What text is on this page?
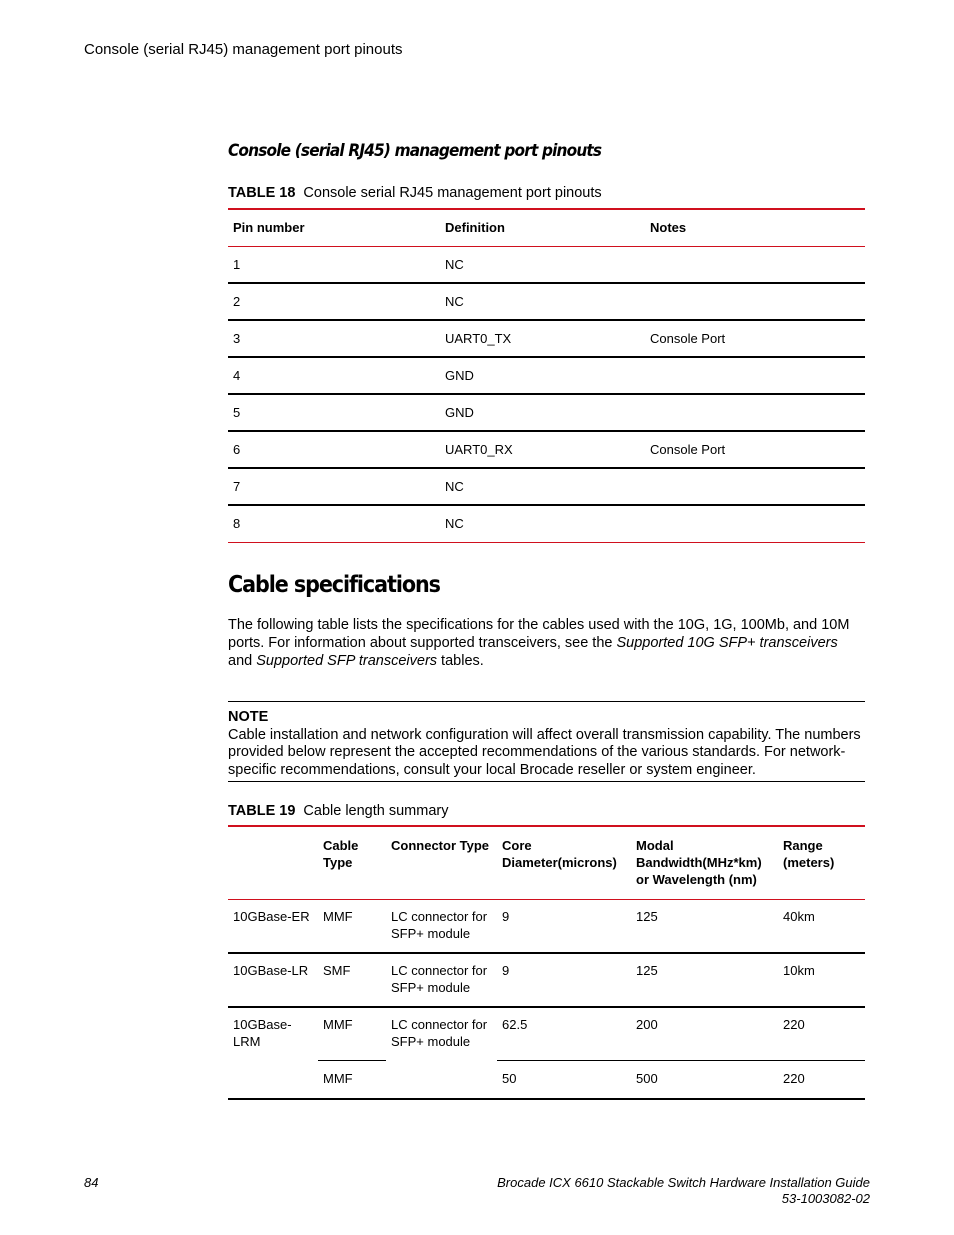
Console (serial RJ45) management port pinouts
Console (serial RJ45) management port pinouts
TABLE 18 Console serial RJ45 management port pinouts
Pin number	Definition	Notes
1	NC	
2	NC	
3	UART0_TX	Console Port
4	GND	
5	GND	
6	UART0_RX	Console Port
7	NC	
8	NC	
Cable specifications

The following table lists the specifications for the cables used with the 10G, 1G, 100Mb, and 10M ports. For information about supported transceivers, see the Supported 10G SFP+ transceivers and Supported SFP transceivers tables.

NOTE
Cable installation and network configuration will affect overall transmission capability. The numbers provided below represent the accepted recommendations of the various standards. For network-specific recommendations, consult your local Brocade reseller or system engineer.
TABLE 19 Cable length summary
	Cable Type	Connector Type	Core Diameter(microns)	Modal Bandwidth(MHz*km) or Wavelength (nm)	Range (meters)
10GBase-ER	MMF	LC connector for SFP+ module	9	125	40km
10GBase-LR	SMF	LC connector for SFP+ module	9	125	10km
10GBase-LRM	MMF	LC connector for SFP+ module	62.5	200	220
	MMF		50	500	220
84	Brocade ICX 6610 Stackable Switch Hardware Installation Guide
53-1003082-02
